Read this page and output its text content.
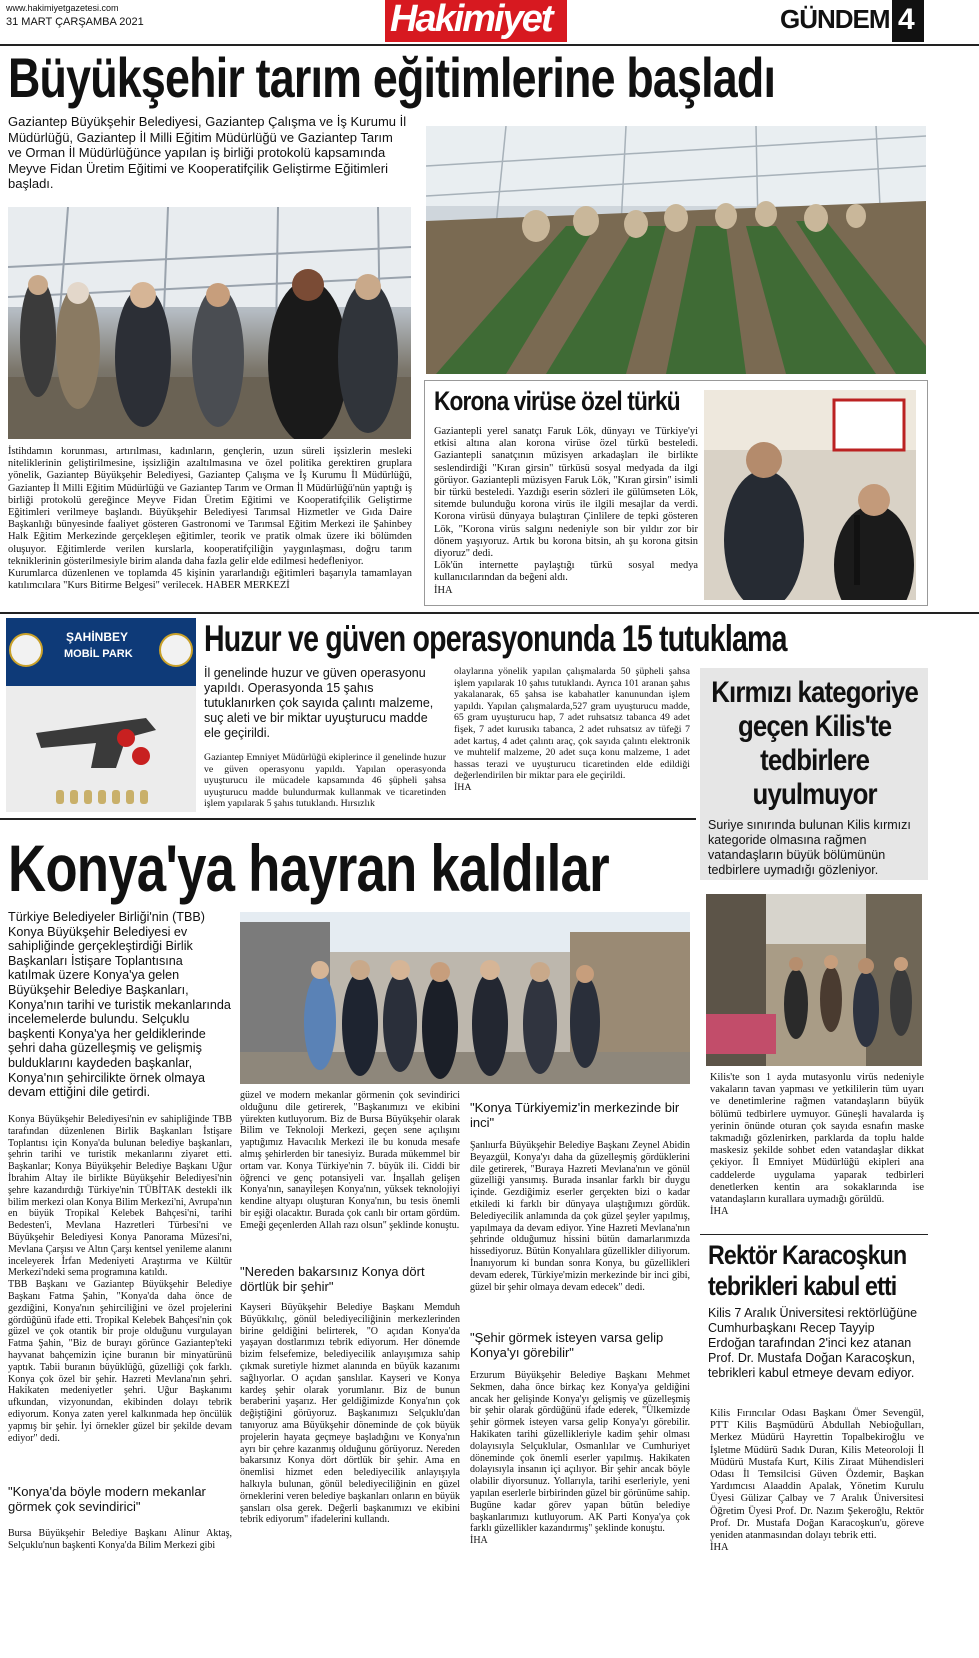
www.hakimiyetgazetesi.com
31 MART ÇARŞAMBA 2021	Hakimiyet	GÜNDEM 4
Büyükşehir tarım eğitimlerine başladı
Gaziantep Büyükşehir Belediyesi, Gaziantep Çalışma ve İş Kurumu İl Müdürlüğü, Gaziantep İl Milli Eğitim Müdürlüğü ve Gaziantep Tarım ve Orman İl Müdürlüğünce yapılan iş birliği protokolü kapsamında Meyve Fidan Üretim Eğitimi ve Kooperatifçilik Geliştirme Eğitimleri başladı.
İstihdamın korunması, artırılması, kadınların, gençlerin, uzun süreli işsizlerin mesleki niteliklerinin geliştirilmesine, işsizliğin azaltılmasına ve özel politika gerektiren gruplara yönelik, Gaziantep Büyükşehir Belediyesi, Gaziantep Çalışma ve İş Kurumu İl Müdürlüğü, Gaziantep İl Milli Eğitim Müdürlüğü ve Gaziantep Tarım ve Orman İl Müdürlüğü'nün yaptığı iş birliği protokolü gereğince Meyve Fidan Üretim Eğitimi ve Kooperatifçilik Geliştirme Eğitimleri verilmeye başlandı. Büyükşehir Belediyesi Tarımsal Hizmetler ve Gıda Daire Başkanlığı bünyesinde faaliyet gösteren Gastronomi ve Tarımsal Eğitim Merkezi ile Şahinbey Halk Eğitim Merkezinde gerçekleşen eğitimler, teorik ve pratik olmak üzere iki bölümden oluşuyor. Eğitimlerde verilen kurslarla, kooperatifçiliğin yaygınlaşması, doğru tarım tekniklerinin gösterilmesiyle birim alanda daha fazla gelir elde edilmesi hedefleniyor.
Kurumlarca düzenlenen ve toplamda 45 kişinin yararlandığı eğitimleri başarıyla tamamlayan katılımcılara "Kurs Bitirme Belgesi" verilecek. HABER MERKEZİ
Korona virüse özel türkü
Gaziantepli yerel sanatçı Faruk Lök, dünyayı ve Türkiye'yi etkisi altına alan korona virüse özel türkü besteledi. Gaziantepli sanatçının müzisyen arkadaşları ile birlikte seslendirdiği "Kıran girsin" türküsü sosyal medyada da ilgi görüyor. Gaziantepli müzisyen Faruk Lök, "Kıran girsin" isimli bir türkü besteledi. Yazdığı eserin sözleri ile gülümseten Lök, sitemde bulunduğu korona virüs ile ilgili mesajlar da verdi. Korona virüsü dünyaya bulaştıran Çinlilere de tepki gösteren Lök, "Korona virüs salgını nedeniyle son bir yıldır zor bir dönem yaşıyoruz. Artık bu korona bitsin, ah şu korona gitsin diyoruz" dedi.
Lök'ün internette paylaştığı türkü sosyal medya kullanıcılarından da beğeni aldı.
İHA
ŞAHİNBEY
MOBİL PARK Huzur ve güven operasyonunda 15 tutuklama
İl genelinde huzur ve güven operasyonu yapıldı. Operasyonda 15 şahıs tutuklanırken çok sayıda çalıntı malzeme, suç aleti ve bir miktar uyuşturucu madde ele geçirildi.
Gaziantep Emniyet Müdürlüğü ekiplerince il genelinde huzur ve güven operasyonu yapıldı. Yapılan operasyonda uyuşturucu ile mücadele kapsamında 46 şüpheli şahsa uyuşturucu madde bulundurmak kullanmak ve ticaretinden işlem yapılarak 5 şahıs tutuklandı. Hırsızlık
olaylarına yönelik yapılan çalışmalarda 50 şüpheli şahsa işlem yapılarak 10 şahıs tutuklandı. Ayrıca 101 aranan şahıs yakalanarak, 65 şahsa ise kabahatler kanunundan işlem yapıldı. Yapılan çalışmalarda,527 gram uyuşturucu madde, 65 gram uyuşturucu hap, 7 adet ruhsatsız tabanca 49 adet fişek, 7 adet kurusıkı tabanca, 2 adet ruhsatsız av tüfeği 7 adet kartuş, 4 adet çalıntı araç, çok sayıda çalıntı elektronik ve muhtelif malzeme, 20 adet suça konu malzeme, 1 adet hassas terazi ve uyuşturucu ticaretinden elde edildiği değerlendirilen bir miktar para ele geçirildi.
İHA
Kırmızı kategoriye geçen Kilis'te tedbirlere uyulmuyor
Suriye sınırında bulunan Kilis kırmızı kategoride olmasına rağmen vatandaşların büyük bölümünün tedbirlere uymadığı gözleniyor.
Kilis'te son 1 ayda mutasyonlu virüs nedeniyle vakaların tavan yapması ve yetkililerin tüm uyarı ve denetimlerine rağmen vatandaşların büyük bölümü tedbirlere uymuyor. Güneşli havalarda iş yerinin önünde oturan çok sayıda esnafın maske takmadığı gözlenirken, parklarda da toplu halde maskesiz şekilde sohbet eden vatandaşlar dikkat çekiyor. İl Emniyet Müdürlüğü ekipleri ana caddelerde uygulama yaparak tedbirleri denetlerken kentin ara sokaklarında ise vatandaşların kurallara uymadığı görüldü.
İHA
Rektör Karacoşkun tebrikleri kabul etti
Kilis 7 Aralık Üniversitesi rektörlüğüne Cumhurbaşkanı Recep Tayyip Erdoğan tarafından 2'inci kez atanan Prof. Dr. Mustafa Doğan Karacoşkun, tebrikleri kabul etmeye devam ediyor.
Kilis Fırıncılar Odası Başkanı Ömer Sevengül, PTT Kilis Başmüdürü Abdullah Nebioğulları, Merkez Müdürü Hayrettin Topalbekiroğlu ve İşletme Müdürü Sadık Duran, Kilis Meteoroloji İl Müdürü Mustafa Kurt, Kilis Ziraat Mühendisleri Odası İl Temsilcisi Güven Özdemir, Başkan Yardımcısı Alaaddin Apalak, Yönetim Kurulu Üyesi Gülizar Çalbay ve 7 Aralık Üniversitesi Öğretim Üyesi Prof. Dr. Nazım Şekeroğlu, Rektör Prof. Dr. Mustafa Doğan Karacoşkun'u, göreve yeniden atanmasından dolayı tebrik etti.
İHA
Konya'ya hayran kaldılar
Türkiye Belediyeler Birliği'nin (TBB) Konya Büyükşehir Belediyesi ev sahipliğinde gerçekleştirdiği Birlik Başkanları İstişare Toplantısına katılmak üzere Konya'ya gelen Büyükşehir Belediye Başkanları, Konya'nın tarihi ve turistik mekanlarında incelemelerde bulundu. Selçuklu başkenti Konya'ya her geldiklerinde şehri daha güzelleşmiş ve gelişmiş bulduklarını kaydeden başkanlar, Konya'nın şehircilikte örnek olmaya devam ettiğini dile getirdi.
Konya Büyükşehir Belediyesi'nin ev sahipliğinde TBB tarafından düzenlenen Birlik Başkanları İstişare Toplantısı için Konya'da bulunan belediye başkanları, şehrin tarihi ve turistik mekanlarını ziyaret etti. Başkanlar; Konya Büyükşehir Belediye Başkanı Uğur İbrahim Altay ile birlikte Büyükşehir Belediyesi'nin şehre kazandırdığı Türkiye'nin TÜBİTAK destekli ilk bilim merkezi olan Konya Bilim Merkezi'ni, Avrupa'nın en büyük Tropikal Kelebek Bahçesi'ni, tarihi Bedesten'i, Mevlana Hazretleri Türbesi'ni ve Büyükşehir Belediyesi Konya Panorama Müzesi'ni, Mevlana Çarşısı ve Altın Çarşı kentsel yenileme alanını inceleyerek İrfan Medeniyeti Araştırma ve Kültür Merkezi'ndeki sema programına katıldı.
TBB Başkanı ve Gaziantep Büyükşehir Belediye Başkanı Fatma Şahin, "Konya'da daha önce de gezdiğini, Konya'nın şehirciliğini ve özel projelerini gördüğünü ifade etti. Tropikal Kelebek Bahçesi'nin çok güzel ve çok otantik bir proje olduğunu vurgulayan Fatma Şahin, "Biz de burayı görünce Gaziantep'teki hayvanat bahçemizin içine buranın bir minyatürünü yaptık. Tabii buranın büyüklüğü, güzelliği çok farklı. Konya çok özel bir şehir. Hazreti Mevlana'nın şehri. Hakikaten medeniyetler şehri. Uğur Başkanımı ufkundan, vizyonundan, ekibinden dolayı tebrik ediyorum. Konya zaten yerel kalkınmada hep öncülük yapmış bir şehir. İyi örnekler güzel bir şekilde devam ediyor" dedi.
"Konya'da böyle modern mekanlar görmek çok sevindirici"
Bursa Büyükşehir Belediye Başkanı Alinur Aktaş, Selçuklu'nun başkenti Konya'da Bilim Merkezi gibi
güzel ve modern mekanlar görmenin çok sevindirici olduğunu dile getirerek, "Başkanımızı ve ekibini yürekten kutluyorum. Biz de Bursa Büyükşehir olarak Bilim ve Teknoloji Merkezi, geçen sene açılışını yaptığımız Havacılık Merkezi ile bu konuda mesafe almış şehirlerden bir tanesiyiz. Burada mükemmel bir ortam var. Konya Türkiye'nin 7. büyük ili. Ciddi bir öğrenci ve genç potansiyeli var. İnşallah gelişen Konya'nın, sanayileşen Konya'nın, yüksek teknolojiyi kendine altyapı oluşturan Konya'nın, bu tesis önemli bir eşiği olacaktır. Burada çok canlı bir ortam gördüm. Emeği geçenlerden Allah razı olsun" şeklinde konuştu.
"Nereden bakarsınız Konya dört dörtlük bir şehir"
Kayseri Büyükşehir Belediye Başkanı Memduh Büyükkılıç, gönül belediyeciliğinin merkezlerinden birine geldiğini belirterek, "O açıdan Konya'da yaşayan dostlarımızı tebrik ediyorum. Her dönemde bizim felsefemize, belediyecilik anlayışımıza sahip çıkmak suretiyle hizmet alanında en büyük kazanımı sağlıyorlar. O açıdan şanslılar. Kayseri ve Konya kardeş şehir olarak yorumlanır. Biz de bunun beraberini yaşarız. Her geldiğimizde Konya'nın çok değiştiğini görüyoruz. Başkanımızı Selçuklu'dan tanıyoruz ama Büyükşehir döneminde de çok büyük projelerin hayata geçmeye başladığını ve Konya'nın ayrı bir çehre kazanmış olduğunu görüyoruz. Nereden bakarsınız Konya dört dörtlük bir şehir. Ama en önemlisi hizmet eden belediyecilik anlayışıyla halkıyla bulunan, gönül belediyeciliğinin en güzel örneklerini veren belediye başkanları onların en büyük şansları olsa gerek. Değerli başkanımızı ve ekibini tebrik ediyorum" ifadelerini kullandı.
"Konya Türkiyemiz'in merkezinde bir inci"
Şanlıurfa Büyükşehir Belediye Başkanı Zeynel Abidin Beyazgül, Konya'yı daha da güzelleşmiş gördüklerini dile getirerek, "Buraya Hazreti Mevlana'nın ve gönül güzelliği yansımış. Burada insanlar farklı bir duygu içinde. Gezdiğimiz eserler gerçekten bizi o kadar etkiledi ki farklı bir dünyaya ulaştığımızı gördük. Belediyecilik anlamında da çok güzel şeyler yapılmış, yapılmaya da devam ediyor. Yine Hazreti Mevlana'nın şehrinde olduğumuz hissini bütün damarlarımızda hissediyoruz. Bütün Konyalılara güzellikler diliyorum. İnanıyorum ki bundan sonra Konya, bu güzellikleri devam ederek, Türkiye'mizin merkezinde bir inci gibi, güzel bir şehir olmaya devam edecek" dedi.
"Şehir görmek isteyen varsa gelip Konya'yı görebilir"
Erzurum Büyükşehir Belediye Başkanı Mehmet Sekmen, daha önce birkaç kez Konya'ya geldiğini ancak her gelişinde Konya'yı gelişmiş ve güzelleşmiş bir şehir olarak gördüğünü ifade ederek, "Ülkemizde şehir görmek isteyen varsa gelip Konya'yı görebilir. Hakikaten tarihi güzellikleriyle kadim şehir olması dolayısıyla Selçuklular, Osmanlılar ve Cumhuriyet döneminde çok önemli eserler yapılmış. Hakikaten dolayısıyla insanın içi açılıyor. Bir şehir ancak böyle olabilir diyorsunuz. Yollarıyla, tarihi eserleriyle, yeni yapılan eserlerle birbirinden güzel bir görünüme sahip. Bugüne kadar görev yapan bütün belediye başkanlarımızı kutluyorum. AK Parti Konya'ya çok farklı güzellikler kazandırmış" şeklinde konuştu.
İHA
